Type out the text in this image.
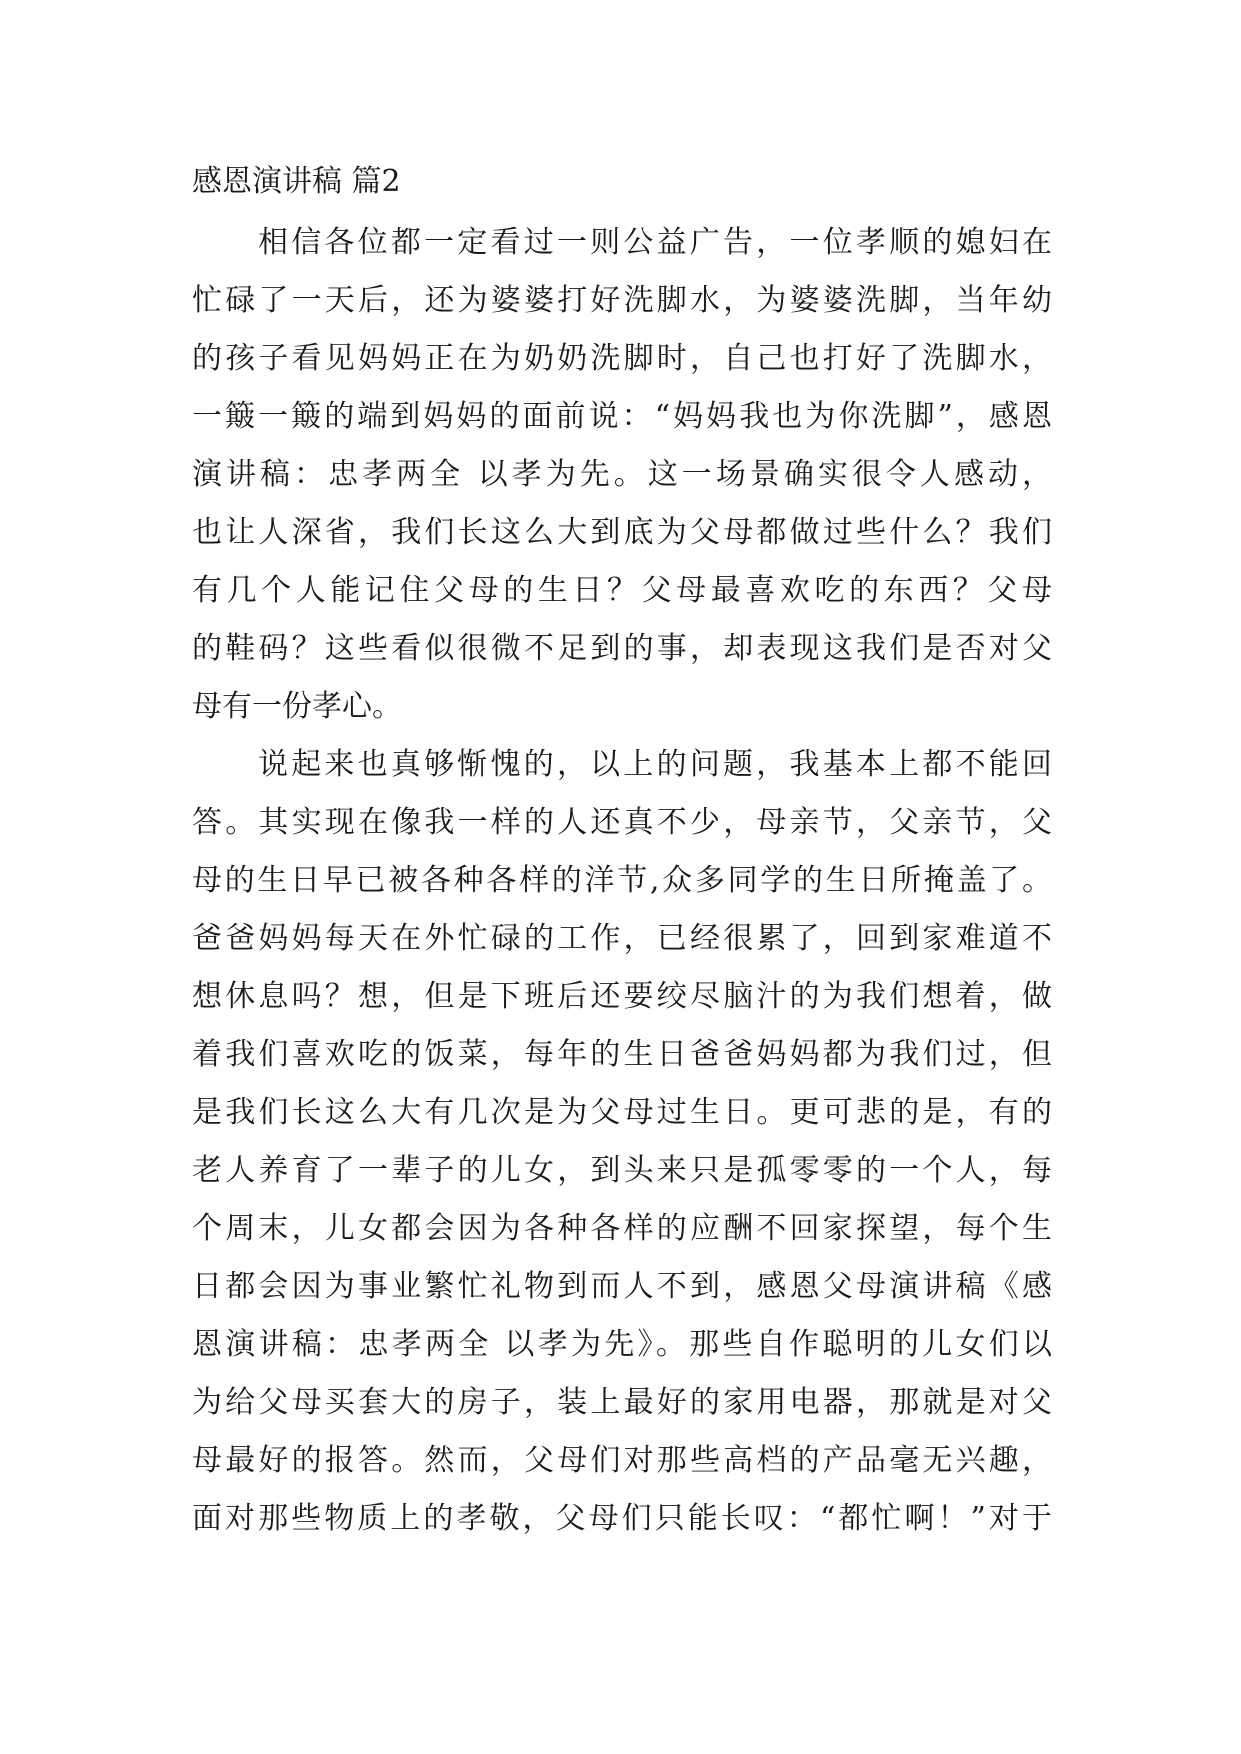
感恩演讲稿 篇2
相信各位都一定看过一则公益广告，一位孝顺的媳妇在
忙碌了一天后，还为婆婆打好洗脚水，为婆婆洗脚，当年幼
的孩子看见妈妈正在为奶奶洗脚时，自己也打好了洗脚水，
一簸一簸的端到妈妈的面前说：“妈妈我也为你洗脚”，感恩
演讲稿：忠孝两全 以孝为先。这一场景确实很令人感动，
也让人深省，我们长这么大到底为父母都做过些什么？我们
有几个人能记住父母的生日？父母最喜欢吃的东西？父母
的鞋码？这些看似很微不足到的事，却表现这我们是否对父
母有一份孝心。
说起来也真够惭愧的，以上的问题，我基本上都不能回
答。其实现在像我一样的人还真不少，母亲节，父亲节，父
母的生日早已被各种各样的洋节,众多同学的生日所掩盖了。
爸爸妈妈每天在外忙碌的工作，已经很累了，回到家难道不
想休息吗？想，但是下班后还要绞尽脑汁的为我们想着，做
着我们喜欢吃的饭菜，每年的生日爸爸妈妈都为我们过，但
是我们长这么大有几次是为父母过生日。更可悲的是，有的
老人养育了一辈子的儿女，到头来只是孤零零的一个人，每
个周末，儿女都会因为各种各样的应酬不回家探望，每个生
日都会因为事业繁忙礼物到而人不到，感恩父母演讲稿《感
恩演讲稿：忠孝两全 以孝为先》。那些自作聪明的儿女们以
为给父母买套大的房子，装上最好的家用电器，那就是对父
母最好的报答。然而，父母们对那些高档的产品毫无兴趣，
面对那些物质上的孝敬，父母们只能长叹：“都忙啊！”对于
